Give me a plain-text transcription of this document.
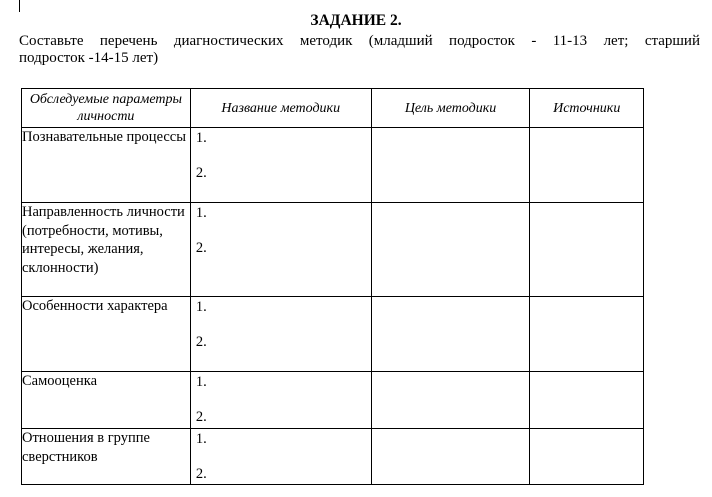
ЗАДАНИЕ 2.
Составьте перечень диагностических методик (младший подросток - 11-13 лет; старший
подросток -14-15 лет)
Обследуемые параметры личности	Название методики	Цель методики	Источники
Познавательные процессы	1.
2.		

Направленность личности (потребности, мотивы, интересы, желания, склонности)	1.
2.		

Особенности характера	1.
2.		

Самооценка	1.
2.		

Отношения в группе сверстников	1.
2.		
